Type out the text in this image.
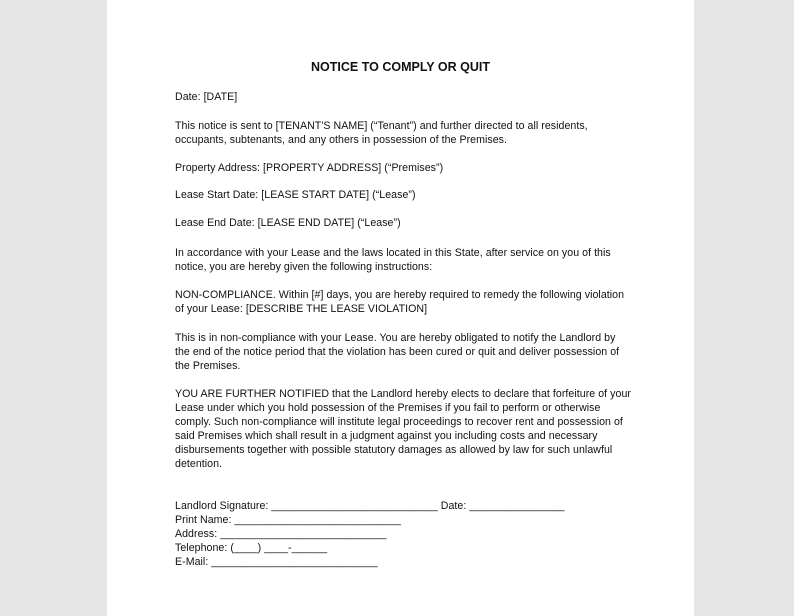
NOTICE TO COMPLY OR QUIT
Date: [DATE]
This notice is sent to [TENANT'S NAME] (“Tenant”) and further directed to all residents,
occupants, subtenants, and any others in possession of the Premises.
Property Address: [PROPERTY ADDRESS] (“Premises”)
Lease Start Date: [LEASE START DATE] (“Lease”)
Lease End Date: [LEASE END DATE] (“Lease”)
In accordance with your Lease and the laws located in this State, after service on you of this
notice, you are hereby given the following instructions:
NON-COMPLIANCE. Within [#] days, you are hereby required to remedy the following violation
of your Lease: [DESCRIBE THE LEASE VIOLATION]
This is in non-compliance with your Lease. You are hereby obligated to notify the Landlord by
the end of the notice period that the violation has been cured or quit and deliver possession of
the Premises.
YOU ARE FURTHER NOTIFIED that the Landlord hereby elects to declare that forfeiture of your
Lease under which you hold possession of the Premises if you fail to perform or otherwise
comply. Such non-compliance will institute legal proceedings to recover rent and possession of
said Premises which shall result in a judgment against you including costs and necessary
disbursements together with possible statutory damages as allowed by law for such unlawful
detention.
Landlord Signature: ____________________________ Date: ________________
Print Name: ____________________________
Address: ____________________________
Telephone: (____) ____-______
E-Mail: ____________________________
